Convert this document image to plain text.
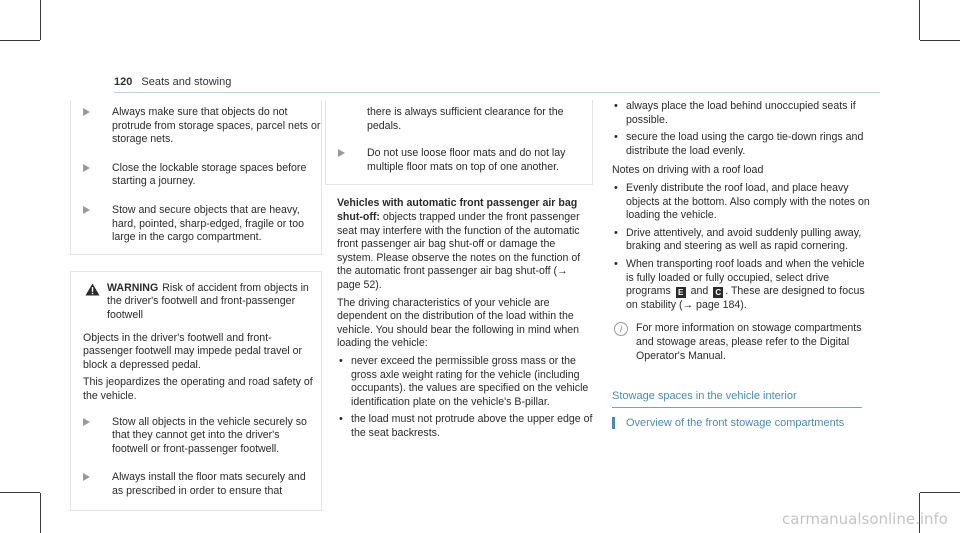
120 Seats and stowing
Always make sure that objects do not protrude from storage spaces, parcel nets or storage nets.
Close the lockable storage spaces before starting a journey.
Stow and secure objects that are heavy, hard, pointed, sharp-edged, fragile or too large in the cargo compartment.
WARNING Risk of accident from objects in the driver's footwell and front-passenger footwell

Objects in the driver's footwell and front-passenger footwell may impede pedal travel or block a depressed pedal.

This jeopardizes the operating and road safety of the vehicle.

Stow all objects in the vehicle securely so that they cannot get into the driver's footwell or front-passenger footwell.
Always install the floor mats securely and as prescribed in order to ensure that

there is always sufficient clearance for the pedals.

Do not use loose floor mats and do not lay multiple floor mats on top of one another.

Vehicles with automatic front passenger air bag shut-off: objects trapped under the front passenger seat may interfere with the function of the automatic front passenger air bag shut-off or damage the system. Please observe the notes on the function of the automatic front passenger air bag shut-off (→ page 52).

The driving characteristics of your vehicle are dependent on the distribution of the load within the vehicle. You should bear the following in mind when loading the vehicle:

• never exceed the permissible gross mass or the gross axle weight rating for the vehicle (including occupants). the values are specified on the vehicle identification plate on the vehicle's B-pillar.
• the load must not protrude above the upper edge of the seat backrests.
• always place the load behind unoccupied seats if possible.
• secure the load using the cargo tie-down rings and distribute the load evenly.

Notes on driving with a roof load

• Evenly distribute the roof load, and place heavy objects at the bottom. Also comply with the notes on loading the vehicle.
• Drive attentively, and avoid suddenly pulling away, braking and steering as well as rapid cornering.
• When transporting roof loads and when the vehicle is fully loaded or fully occupied, select drive programs E and C . These are designed to focus on stability (→ page 184).
i	For more information on stowage compartments and stowage areas, please refer to the Digital Operator's Manual.
Stowage spaces in the vehicle interior
Overview of the front stowage compartments
carmanualsonline.info
